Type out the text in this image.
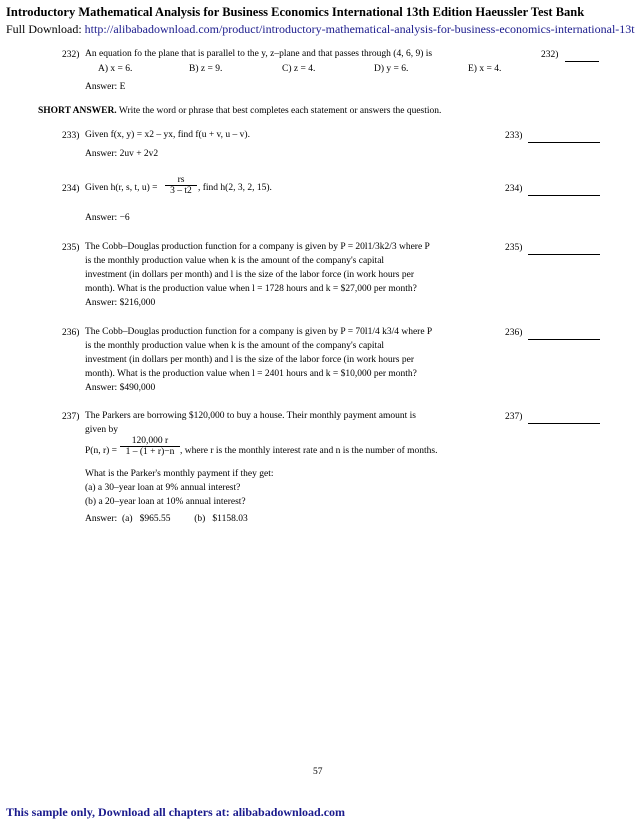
Introductory Mathematical Analysis for Business Economics International 13th Edition Haeussler Test Bank
Full Download: http://alibabadownload.com/product/introductory-mathematical-analysis-for-business-economics-international-13t
232) An equation fo the plane that is parallel to the y, z–plane and that passes through (4, 6, 9) is	232)
A) x = 6.	B) z = 9.	C) z = 4.	D) y = 6.	E) x = 4.
Answer: E
SHORT ANSWER. Write the word or phrase that best completes each statement or answers the question.
233) Given f(x, y) = x2 – yx, find f(u + v, u – v).	233)
Answer: 2uv + 2v2
234) Given h(r, s, t, $u) = \frac{rs}{3 - t2}$ , find h(2, 3, 2, 15).	234)
Answer: −6
235) The Cobb–Douglas production function for a company is given by P = 20l1/3k2/3 where P
is the monthly production value when k is the amount of the company's capital
investment (in dollars per month) and l is the size of the labor force (in work hours per
month). What is the production value when l = 1728 hours and k = $27,000 per month?
235)
Answer: $216,000
236) The Cobb–Douglas production function for a company is given by P = 70l1/4 k3/4 where P
is the monthly production value when k is the amount of the company's capital
investment (in dollars per month) and l is the size of the labor force (in work hours per
month). What is the production value when l = 2401 hours and k = $10,000 per month?
236)
Answer: $490,000
237) The Parkers are borrowing $120,000 to buy a house. Their monthly payment amount is
given by
237)
P(n, $r) = \frac{120,000 r}{1 - (1 + r)-n}$ , where r is the monthly interest rate and n is the number of months.
What is the Parker's monthly payment if they get:
(a) a 30–year loan at 9% annual interest?
(b) a 20–year loan at 10% annual interest?
Answer:  (a)   $965.55          (b)   $1158.03
57
This sample only, Download all chapters at: alibabadownload.com
